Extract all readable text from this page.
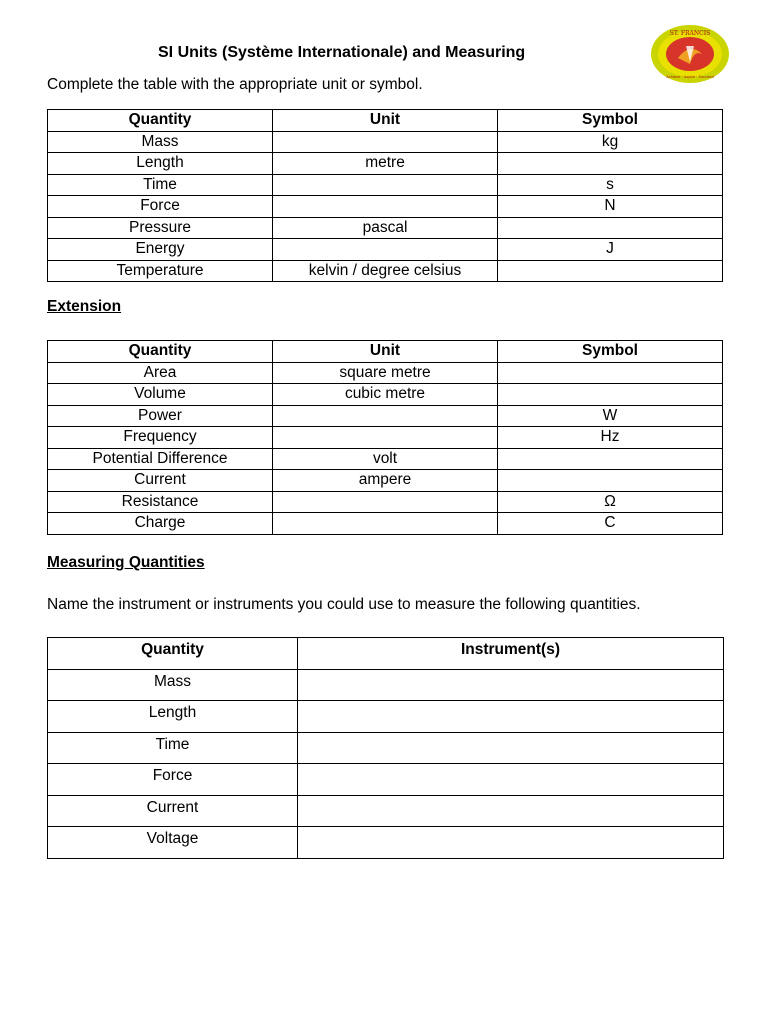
SI Units (Système Internationale) and Measuring
ST. FRANCIS
Achieve · Aspire · Succeed
Complete the table with the appropriate unit or symbol.
Quantity	Unit	Symbol
Mass		kg
Length	metre	
Time		s
Force		N
Pressure	pascal	
Energy		J
Temperature	kelvin / degree celsius	
Extension
Quantity	Unit	Symbol
Area	square metre	
Volume	cubic metre	
Power		W
Frequency		Hz
Potential Difference	volt	
Current	ampere	
Resistance		Ω
Charge		C
Measuring Quantities
Name the instrument or instruments you could use to measure the following quantities.
Quantity	Instrument(s)
Mass	
Length	
Time	
Force	
Current	
Voltage	
